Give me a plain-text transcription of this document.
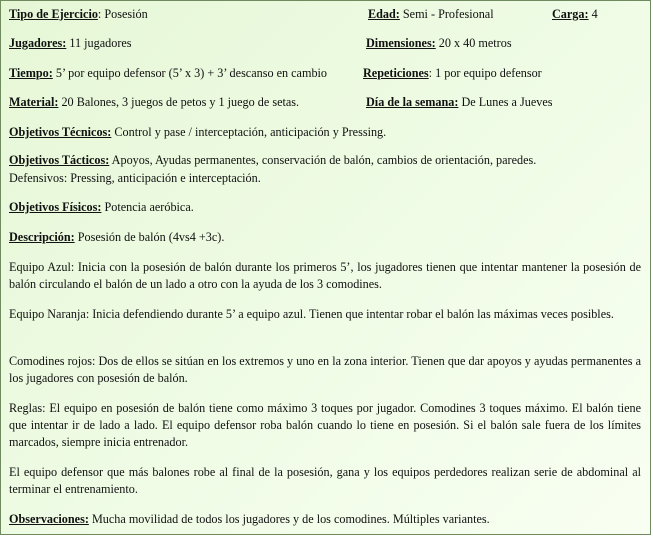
Tipo de Ejercicio: Posesión	Edad: Semi - Profesional	Carga: 4
Jugadores: 11 jugadores	Dimensiones: 20 x 40 metros
Tiempo: 5’ por equipo defensor (5’ x 3) + 3’ descanso en cambio	Repeticiones: 1 por equipo defensor
Material: 20 Balones, 3 juegos de petos y 1 juego de setas.	Día de la semana: De Lunes a Jueves
Objetivos Técnicos: Control y pase / interceptación, anticipación y Pressing.
Objetivos Tácticos: Apoyos, Ayudas permanentes, conservación de balón, cambios de orientación, paredes.
Defensivos: Pressing, anticipación e interceptación.
Objetivos Físicos: Potencia aeróbica.
Descripción: Posesión de balón (4vs4 +3c).
Equipo Azul: Inicia con la posesión de balón durante los primeros 5’, los jugadores tienen que intentar mantener la posesión de balón circulando el balón de un lado a otro con la ayuda de los 3 comodines.
Equipo Naranja: Inicia defendiendo durante 5’ a equipo azul. Tienen que intentar robar el balón las máximas veces posibles.
Comodines rojos: Dos de ellos se sitúan en los extremos y uno en la zona interior. Tienen que dar apoyos y ayudas permanentes a los jugadores con posesión de balón.
Reglas: El equipo en posesión de balón tiene como máximo 3 toques por jugador. Comodines 3 toques máximo. El balón tiene que intentar ir de lado a lado. El equipo defensor roba balón cuando lo tiene en posesión. Si el balón sale fuera de los límites marcados, siempre inicia entrenador.
El equipo defensor que más balones robe al final de la posesión, gana y los equipos perdedores realizan serie de abdominal al terminar el entrenamiento.
Observaciones: Mucha movilidad de todos los jugadores y de los comodines. Múltiples variantes.
